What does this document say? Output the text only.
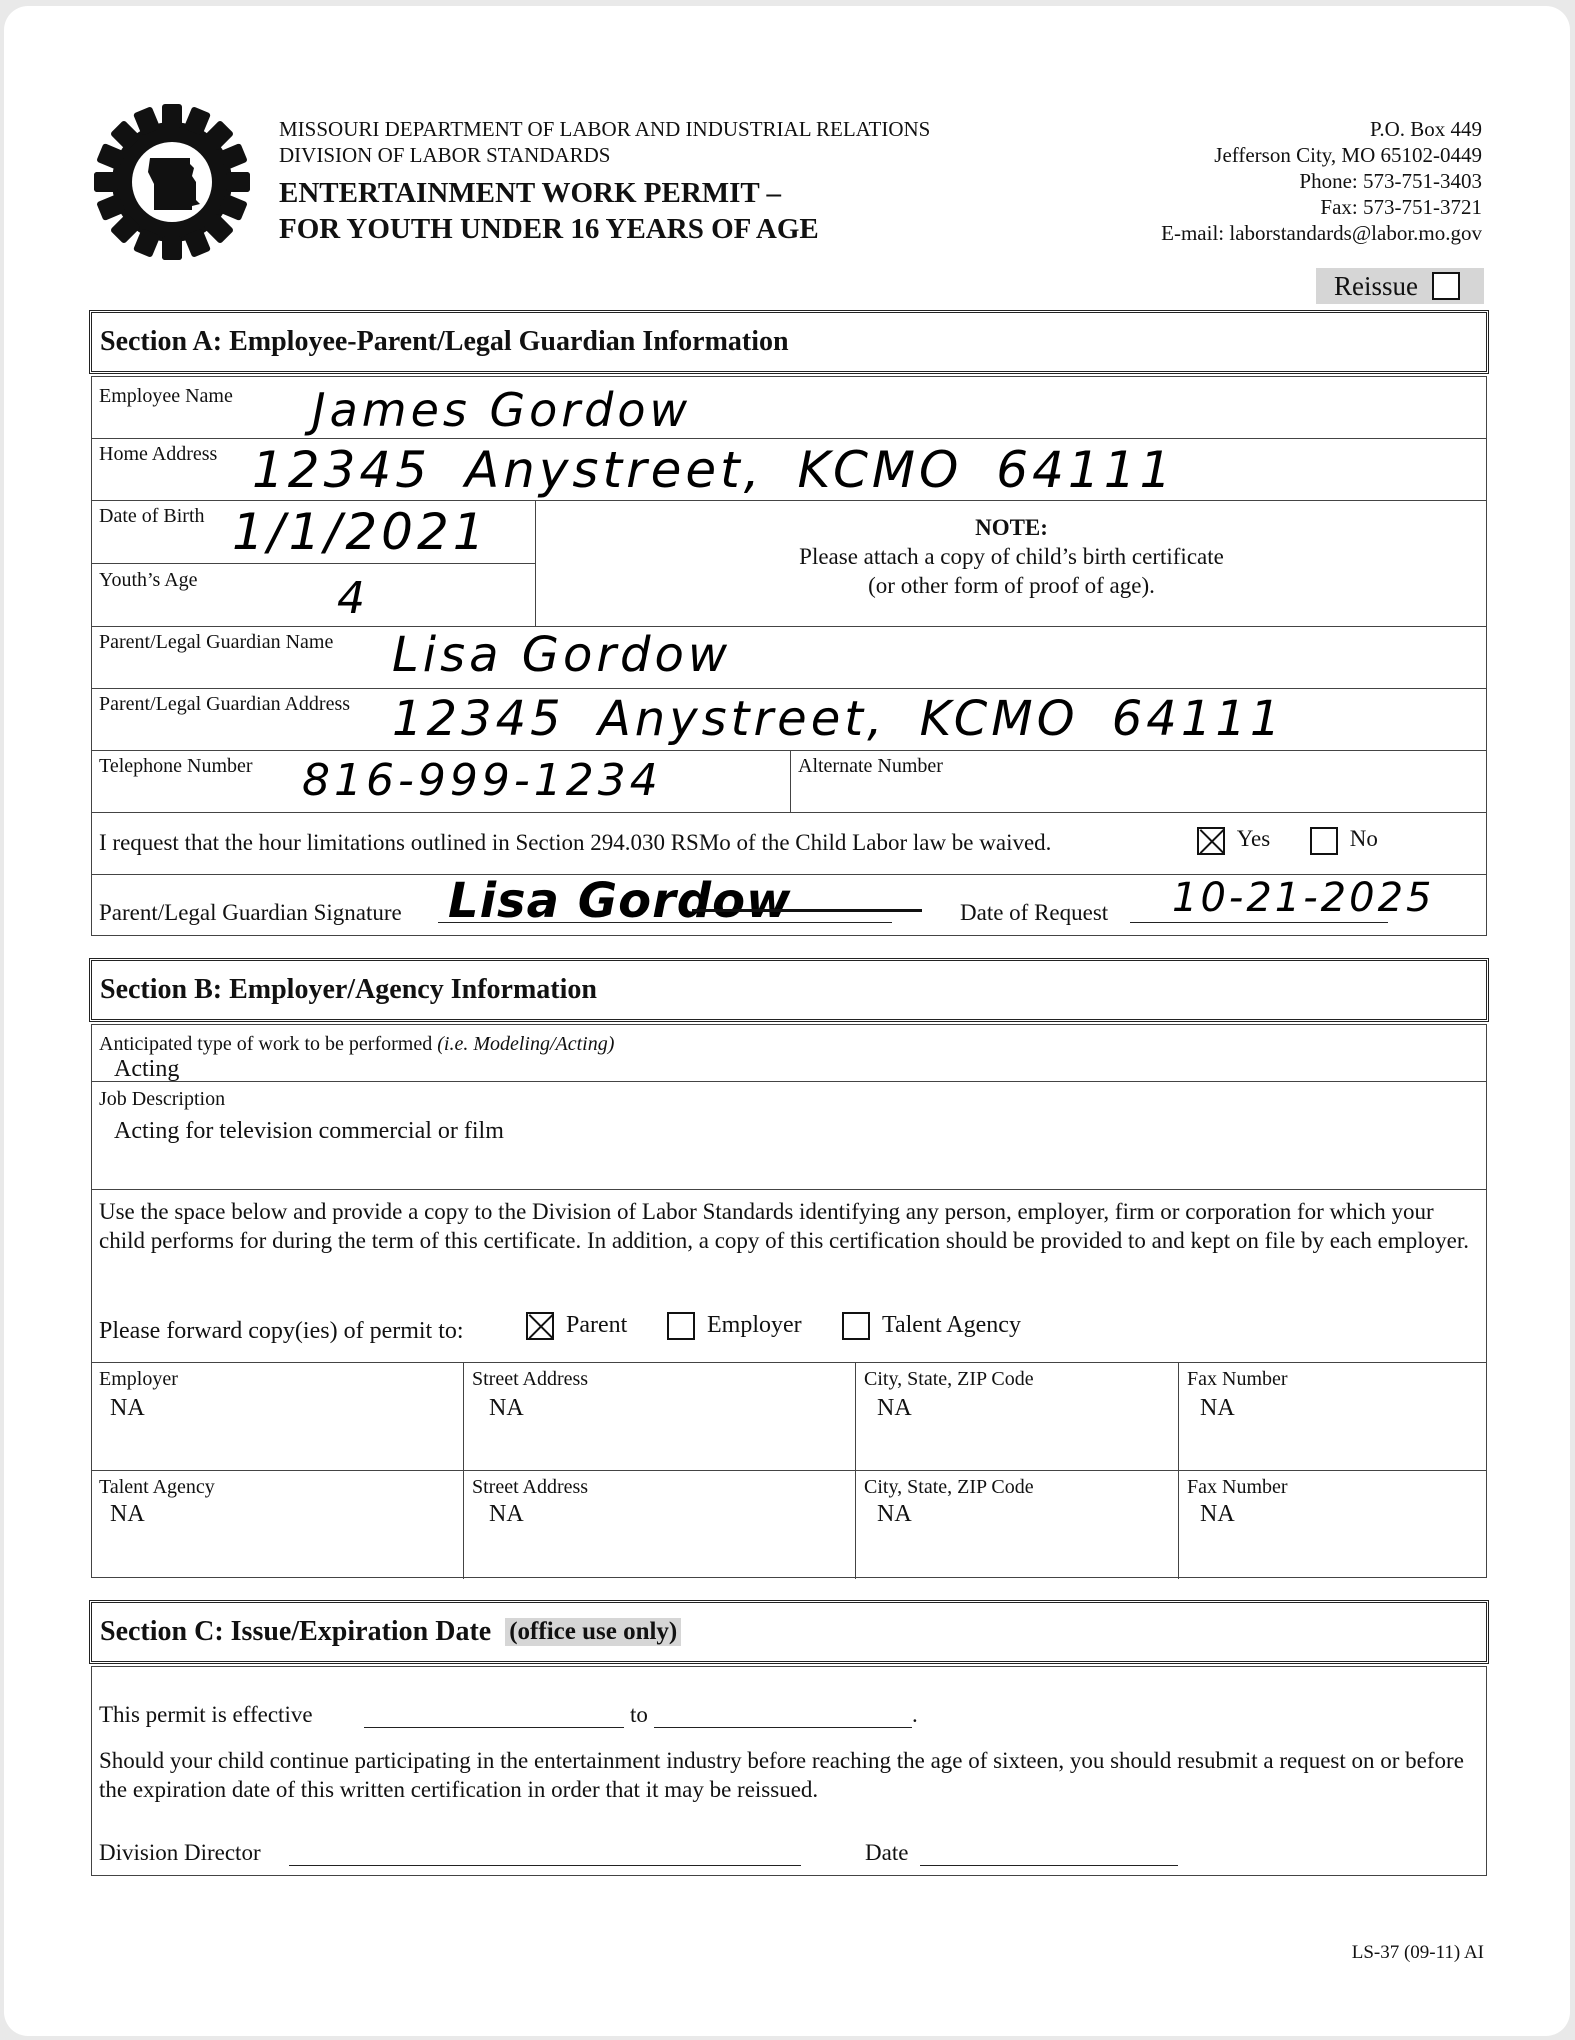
MISSOURI DEPARTMENT OF LABOR AND INDUSTRIAL RELATIONS
DIVISION OF LABOR STANDARDS
ENTERTAINMENT WORK PERMIT –
FOR YOUTH UNDER 16 YEARS OF AGE
P.O. Box 449
Jefferson City, MO 65102-0449
Phone: 573-751-3403
Fax: 573-751-3721
E-mail: laborstandards@labor.mo.gov
Reissue
Section A: Employee-Parent/Legal Guardian Information
Employee Name James Gordow
Home Address 12345 Anystreet, KCMO 64111
Date of Birth 1/1/2021
Youth’s Age	4
NOTE:
Please attach a copy of child’s birth certificate
(or other form of proof of age).
Parent/Legal Guardian Name Lisa Gordow
Parent/Legal Guardian Address 12345 Anystreet, KCMO 64111
Telephone Number 816-999-1234	Alternate Number
I request that the hour limitations outlined in Section 294.030 RSMo of the Child Labor law be waived.	Yes	No
Parent/Legal Guardian Signature Lisa Gordow	Date of Request 10-21-2025
Section B: Employer/Agency Information
Anticipated type of work to be performed (i.e. Modeling/Acting)
Acting
Job Description
Acting for television commercial or film
Use the space below and provide a copy to the Division of Labor Standards identifying any person, employer, firm or corporation for which your child performs for during the term of this certificate. In addition, a copy of this certification should be provided to and kept on file by each employer.
Please forward copy(ies) of permit to:	Parent	Employer	Talent Agency
Employer
NA
Street Address
NA
City, State, ZIP Code
NA
Fax Number
NA
Talent Agency
NA
Street Address
NA
City, State, ZIP Code
NA
Fax Number
NA
Section C: Issue/Expiration Date (office use only)
This permit is effective	to	.
Should your child continue participating in the entertainment industry before reaching the age of sixteen, you should resubmit a request on or before the expiration date of this written certification in order that it may be reissued.
Division Director	Date
LS-37 (09-11) AI
